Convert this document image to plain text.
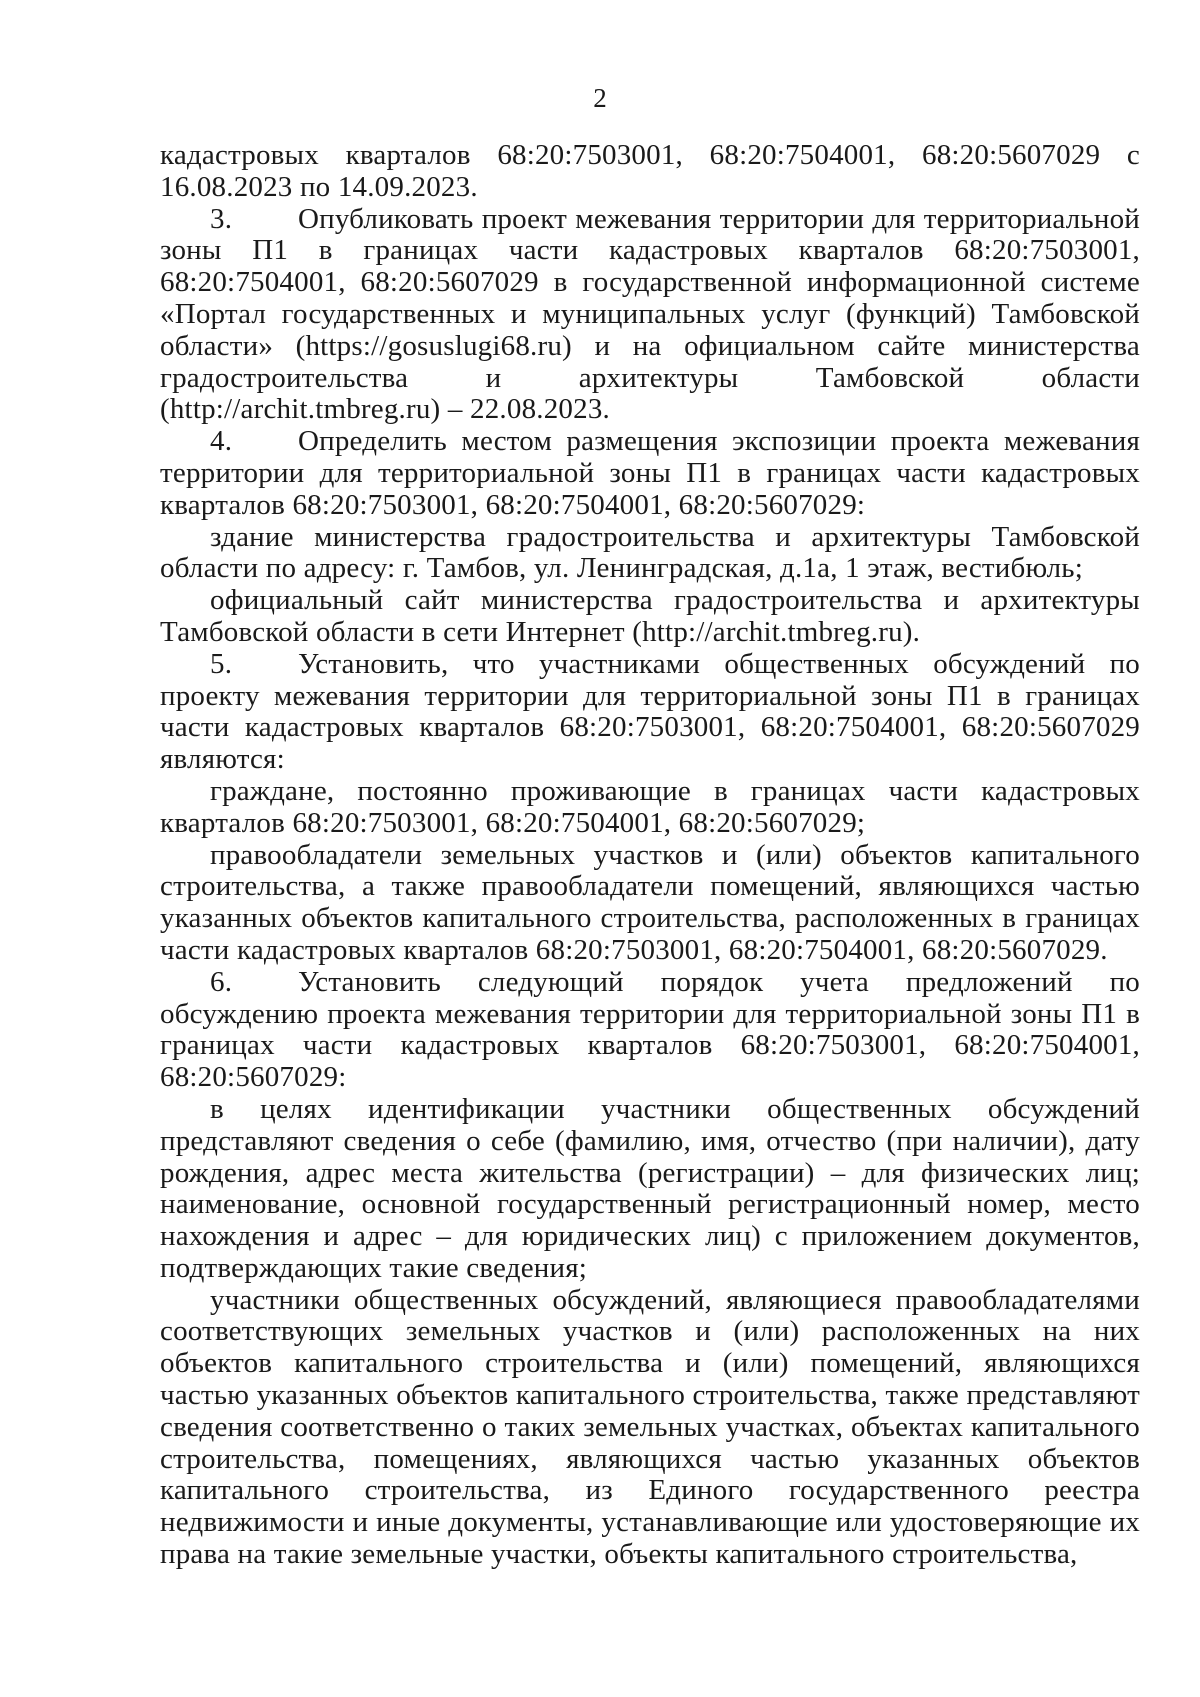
2

кадастровых кварталов 68:20:7503001, 68:20:7504001, 68:20:5607029 с 16.08.2023 по 14.09.2023.

3. Опубликовать проект межевания территории для территориальной зоны П1 в границах части кадастровых кварталов 68:20:7503001, 68:20:7504001, 68:20:5607029 в государственной информационной системе «Портал государственных и муниципальных услуг (функций) Тамбовской области» (https://gosuslugi68.ru) и на официальном сайте министерства градостроительства и архитектуры Тамбовской области (http://archit.tmbreg.ru) – 22.08.2023.

4. Определить местом размещения экспозиции проекта межевания территории для территориальной зоны П1 в границах части кадастровых кварталов 68:20:7503001, 68:20:7504001, 68:20:5607029:

здание министерства градостроительства и архитектуры Тамбовской области по адресу: г. Тамбов, ул. Ленинградская, д.1а, 1 этаж, вестибюль;

официальный сайт министерства градостроительства и архитектуры Тамбовской области в сети Интернет (http://archit.tmbreg.ru).

5. Установить, что участниками общественных обсуждений по проекту межевания территории для территориальной зоны П1 в границах части кадастровых кварталов 68:20:7503001, 68:20:7504001, 68:20:5607029 являются:

граждане, постоянно проживающие в границах части кадастровых кварталов 68:20:7503001, 68:20:7504001, 68:20:5607029;

правообладатели земельных участков и (или) объектов капитального строительства, а также правообладатели помещений, являющихся частью указанных объектов капитального строительства, расположенных в границах части кадастровых кварталов 68:20:7503001, 68:20:7504001, 68:20:5607029.

6. Установить следующий порядок учета предложений по обсуждению проекта межевания территории для территориальной зоны П1 в границах части кадастровых кварталов 68:20:7503001, 68:20:7504001, 68:20:5607029:

в целях идентификации участники общественных обсуждений представляют сведения о себе (фамилию, имя, отчество (при наличии), дату рождения, адрес места жительства (регистрации) – для физических лиц; наименование, основной государственный регистрационный номер, место нахождения и адрес – для юридических лиц) с приложением документов, подтверждающих такие сведения;

участники общественных обсуждений, являющиеся правообладателями соответствующих земельных участков и (или) расположенных на них объектов капитального строительства и (или) помещений, являющихся частью указанных объектов капитального строительства, также представляют сведения соответственно о таких земельных участках, объектах капитального строительства, помещениях, являющихся частью указанных объектов капитального строительства, из Единого государственного реестра недвижимости и иные документы, устанавливающие или удостоверяющие их права на такие земельные участки, объекты капитального строительства,
